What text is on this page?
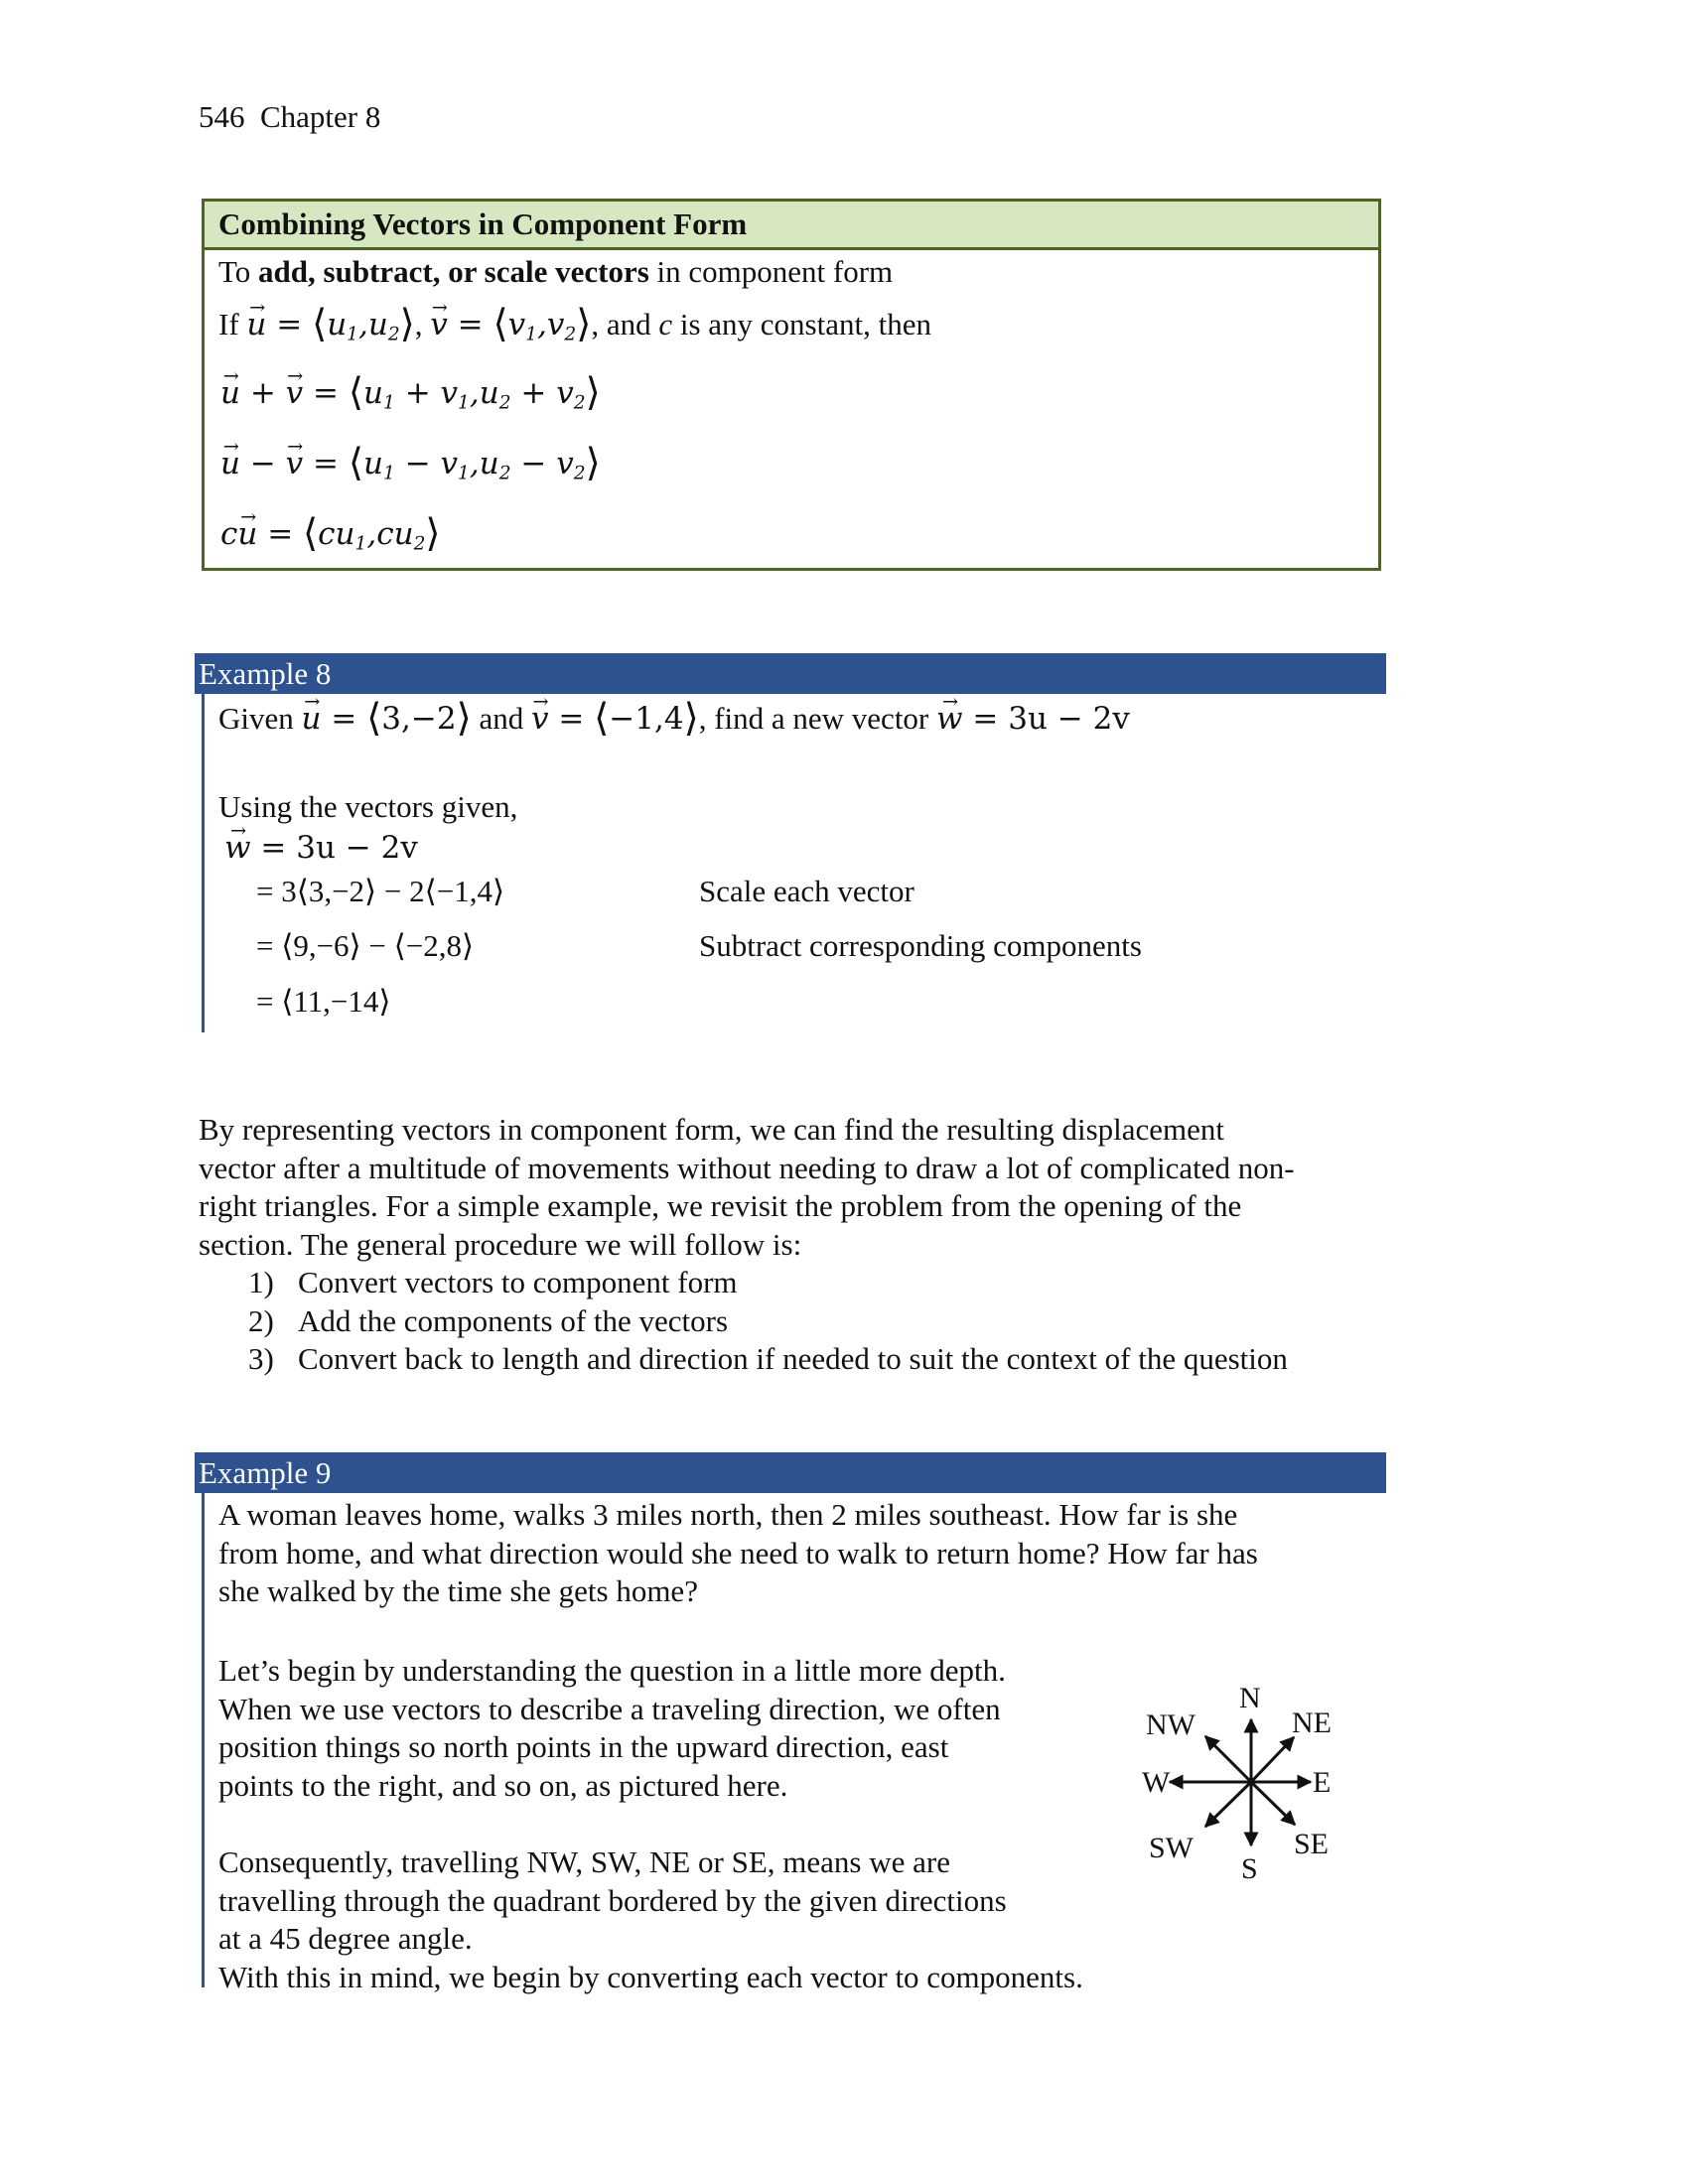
546 Chapter 8
Combining Vectors in Component Form
To add, subtract, or scale vectors in component form
If u → = $⟨u_1,u_2⟩$, v → = $⟨v_1,v_2⟩$, and c is any constant, then
u → + v → = $⟨u_1 + v_1,u_2$ + $v_2⟩$
u → − v → = $⟨u_1 - v_1,u_2$ − $v_2⟩$
cu → = $⟨cu_1,cu_2⟩$
Example 8
Given u → = ⟨3,−2⟩ and v → = ⟨−1,4⟩, find a new vector w → = 3u − 2v
Using the vectors given,
w → = 3u − 2v
= 3⟨3,−2⟩ − 2⟨−1,4⟩
= ⟨9,−6⟩ − ⟨−2,8⟩
= ⟨11,−14⟩
Scale each vector
Subtract corresponding components
By representing vectors in component form, we can find the resulting displacement
vector after a multitude of movements without needing to draw a lot of complicated non-
right triangles. For a simple example, we revisit the problem from the opening of the
section. The general procedure we will follow is:
1) Convert vectors to component form
2) Add the components of the vectors
3) Convert back to length and direction if needed to suit the context of the question
Example 9
A woman leaves home, walks 3 miles north, then 2 miles southeast. How far is she
from home, and what direction would she need to walk to return home? How far has
she walked by the time she gets home?
Let’s begin by understanding the question in a little more depth.
When we use vectors to describe a traveling direction, we often
position things so north points in the upward direction, east
points to the right, and so on, as pictured here.
Consequently, travelling NW, SW, NE or SE, means we are
travelling through the quadrant bordered by the given directions
at a 45 degree angle.
With this in mind, we begin by converting each vector to components.
N
S
E
W
NE
NW
SE
SW
